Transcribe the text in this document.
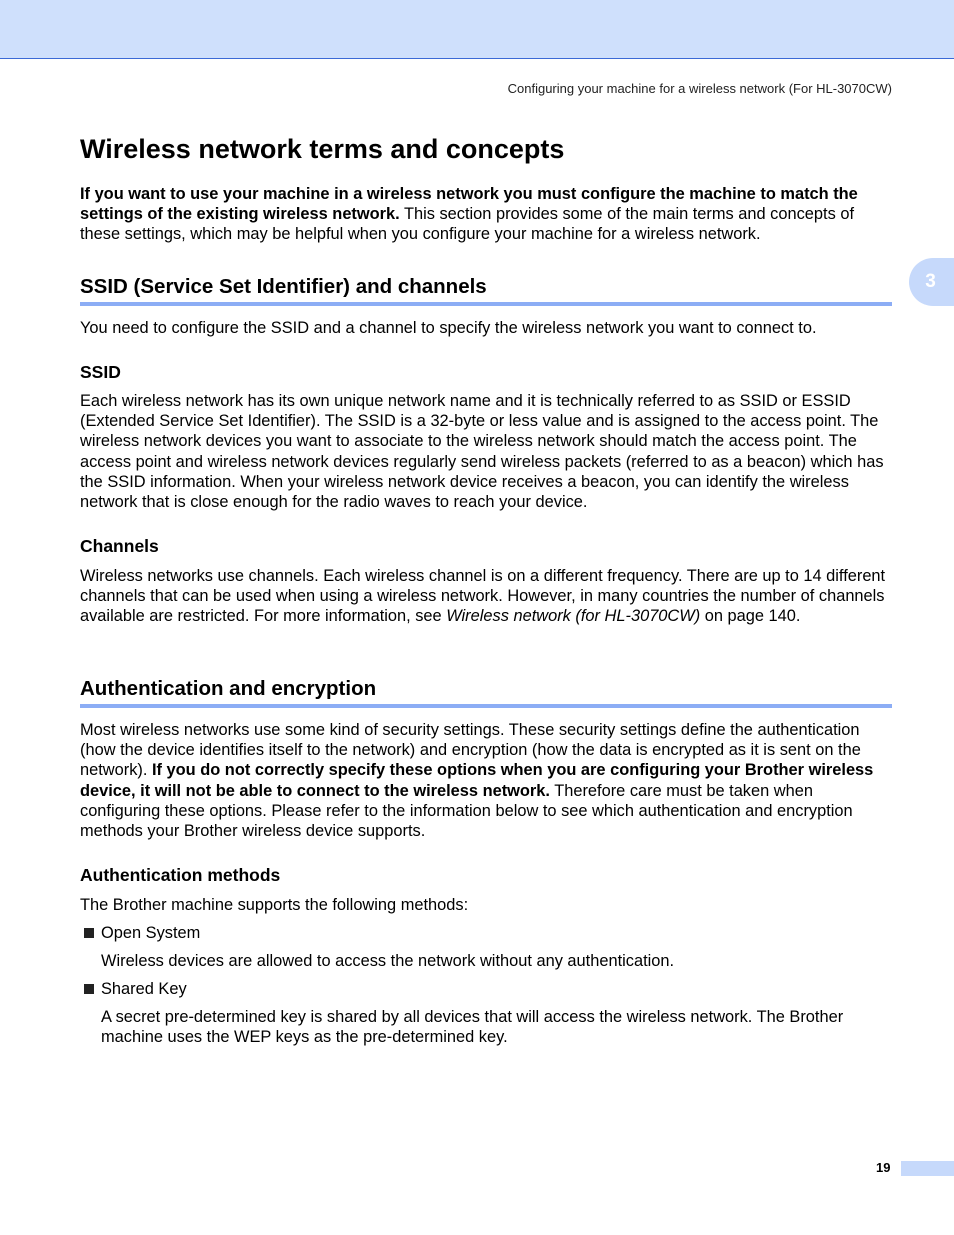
Configuring your machine for a wireless network (For HL-3070CW)
3
Wireless network terms and concepts

If you want to use your machine in a wireless network you must configure the machine to match the settings of the existing wireless network. This section provides some of the main terms and concepts of these settings, which may be helpful when you configure your machine for a wireless network.

SSID (Service Set Identifier) and channels

You need to configure the SSID and a channel to specify the wireless network you want to connect to.

SSID

Each wireless network has its own unique network name and it is technically referred to as SSID or ESSID (Extended Service Set Identifier). The SSID is a 32-byte or less value and is assigned to the access point. The wireless network devices you want to associate to the wireless network should match the access point. The access point and wireless network devices regularly send wireless packets (referred to as a beacon) which has the SSID information. When your wireless network device receives a beacon, you can identify the wireless network that is close enough for the radio waves to reach your device.

Channels

Wireless networks use channels. Each wireless channel is on a different frequency. There are up to 14 different channels that can be used when using a wireless network. However, in many countries the number of channels available are restricted. For more information, see Wireless network (for HL-3070CW) on page 140.

Authentication and encryption

Most wireless networks use some kind of security settings. These security settings define the authentication (how the device identifies itself to the network) and encryption (how the data is encrypted as it is sent on the network). If you do not correctly specify these options when you are configuring your Brother wireless device, it will not be able to connect to the wireless network. Therefore care must be taken when configuring these options. Please refer to the information below to see which authentication and encryption methods your Brother wireless device supports.

Authentication methods

The Brother machine supports the following methods:

Open System

Wireless devices are allowed to access the network without any authentication.

Shared Key

A secret pre-determined key is shared by all devices that will access the wireless network. The Brother machine uses the WEP keys as the pre-determined key.

19
